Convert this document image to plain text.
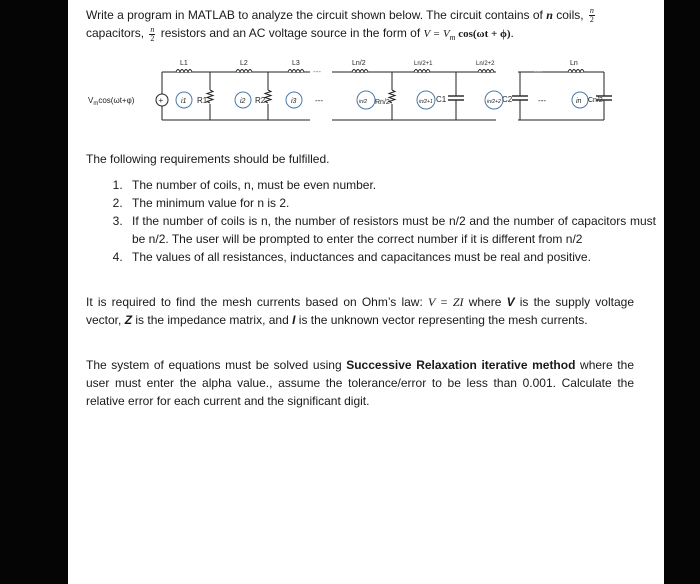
Write a program in MATLAB to analyze the circuit shown below. The circuit contains of n coils, $\frac{n}{2}$

capacitors, $\frac{n}{2}$ resistors and an AC voltage source in the form of $V = V_m$ cos(ωt + ϕ).

+
$V_m\cos(\omega t+\varphi)$
L1	L2	L3	Ln/2	Ln/2+1	Ln/2+2	Ln
R1	R2	Rn/2	C1	C2	Cn/2
i1	i2	i3	in/2	in/2+1	in/2+2	in
---	---
---	---
The following requirements should be fulfilled.
1. The number of coils, n, must be even number.
2. The minimum value for n is 2.
3. If the number of coils is n, the number of resistors must be n/2 and the number of capacitors must be n/2. The user will be prompted to enter the correct number if it is different from n/2
4. The values of all resistances, inductances and capacitances must be real and positive.
It is required to find the mesh currents based on Ohm’s law: V = ZI where V is the supply voltage vector, Z is the impedance matrix, and I is the unknown vector representing the mesh currents.
The system of equations must be solved using Successive Relaxation iterative method where the user must enter the alpha value., assume the tolerance/error to be less than 0.001. Calculate the relative error for each current and the significant digit.
